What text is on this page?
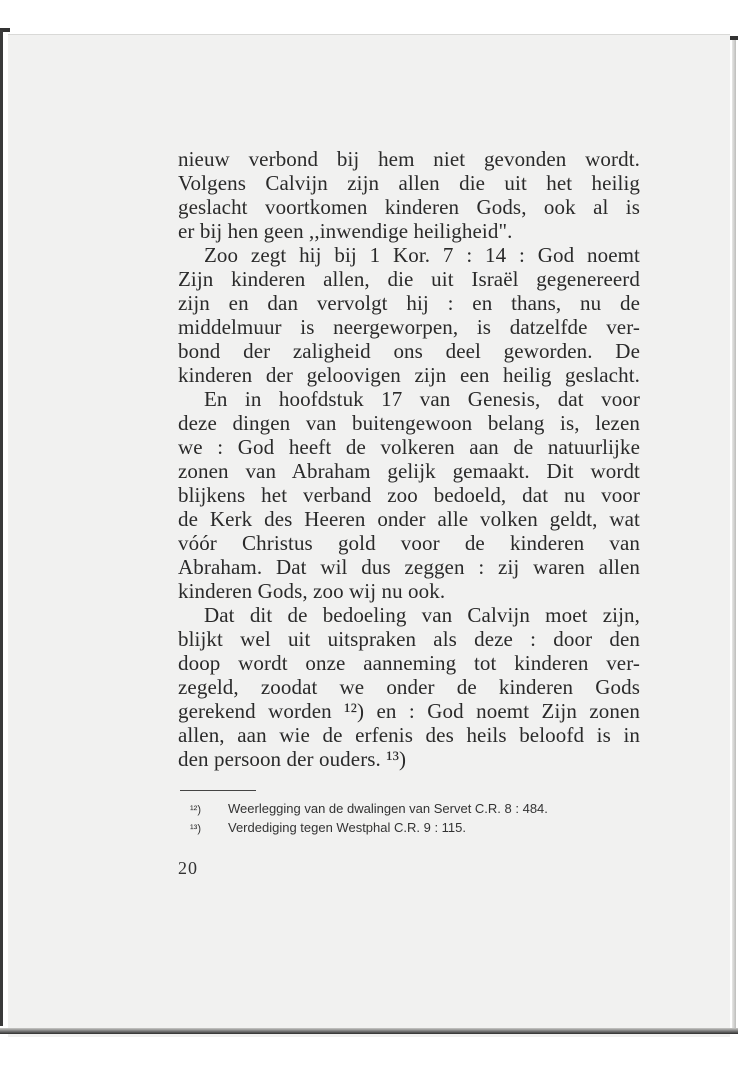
nieuw verbond bij hem niet gevonden wordt.
Volgens Calvijn zijn allen die uit het heilig
geslacht voortkomen kinderen Gods, ook al is
er bij hen geen ,,inwendige heiligheid".
Zoo zegt hij bij 1 Kor. 7 : 14 : God noemt
Zijn kinderen allen, die uit Israël gegenereerd
zijn en dan vervolgt hij : en thans, nu de
middelmuur is neergeworpen, is datzelfde ver-
bond der zaligheid ons deel geworden. De
kinderen der geloovigen zijn een heilig geslacht.
En in hoofdstuk 17 van Genesis, dat voor
deze dingen van buitengewoon belang is, lezen
we : God heeft de volkeren aan de natuurlijke
zonen van Abraham gelijk gemaakt. Dit wordt
blijkens het verband zoo bedoeld, dat nu voor
de Kerk des Heeren onder alle volken geldt, wat
vóór Christus gold voor de kinderen van
Abraham. Dat wil dus zeggen : zij waren allen
kinderen Gods, zoo wij nu ook.
Dat dit de bedoeling van Calvijn moet zijn,
blijkt wel uit uitspraken als deze : door den
doop wordt onze aanneming tot kinderen ver-
zegeld, zoodat we onder de kinderen Gods
gerekend worden ¹²) en : God noemt Zijn zonen
allen, aan wie de erfenis des heils beloofd is in
den persoon der ouders. ¹³)
¹²) Weerlegging van de dwalingen van Servet C.R. 8 : 484.
¹³) Verdediging tegen Westphal C.R. 9 : 115.
20
